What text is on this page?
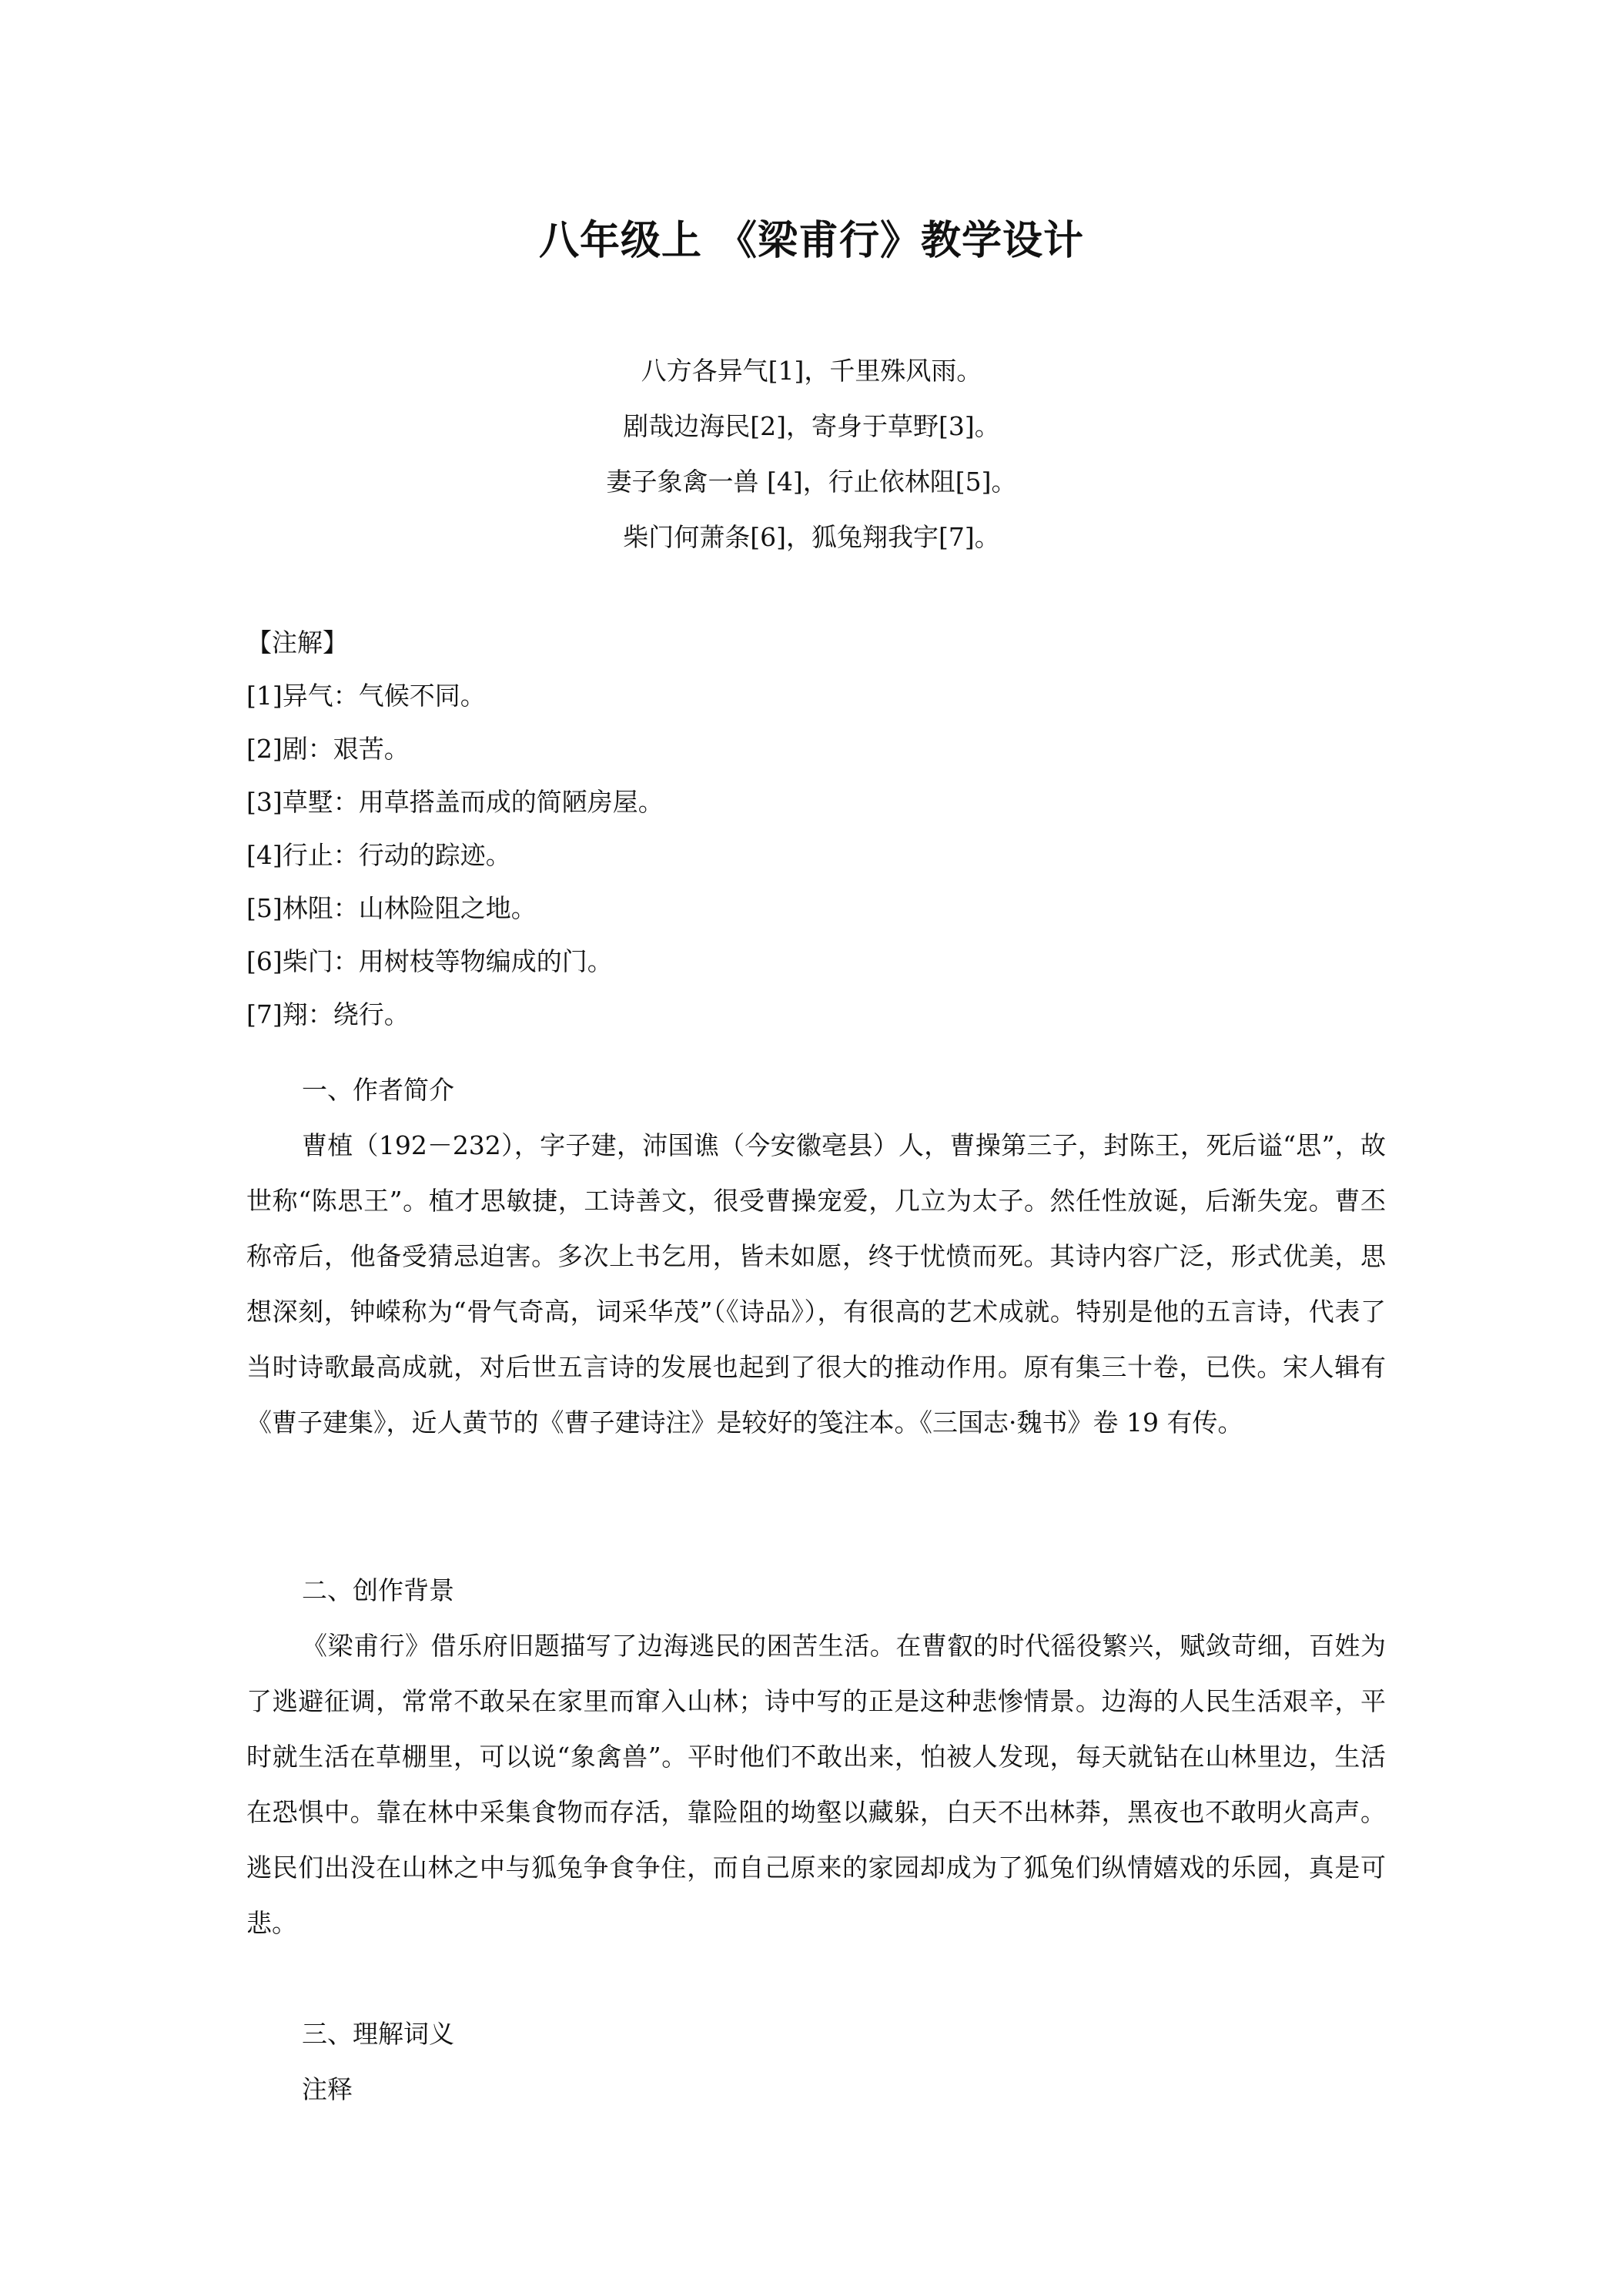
八年级上 《梁甫行》教学设计
八方各异气[1]，千里殊风雨。
剧哉边海民[2]，寄身于草野[3]。
妻子象禽一兽 [4]，行止依林阻[5]。
柴门何萧条[6]，狐兔翔我宇[7]。
【注解】
[1]异气：气候不同。
[2]剧：艰苦。
[3]草墅：用草搭盖而成的简陋房屋。
[4]行止：行动的踪迹。
[5]林阻：山林险阻之地。
[6]柴门：用树枝等物编成的门。
[7]翔：绕行。
一、作者简介

曹植（192－232），字子建，沛国谯（今安徽亳县）人，曹操第三子，封陈王，死后谥“思”，故世称“陈思王”。植才思敏捷，工诗善文，很受曹操宠爱，几立为太子。然任性放诞，后渐失宠。曹丕称帝后，他备受猜忌迫害。多次上书乞用，皆未如愿，终于忧愤而死。其诗内容广泛，形式优美，思想深刻，钟嵘称为“骨气奇高，词采华茂”（《诗品》），有很高的艺术成就。特别是他的五言诗，代表了当时诗歌最高成就，对后世五言诗的发展也起到了很大的推动作用。原有集三十卷，已佚。宋人辑有《曹子建集》，近人黄节的《曹子建诗注》是较好的笺注本。《三国志·魏书》卷 19 有传。

二、创作背景

《梁甫行》借乐府旧题描写了边海逃民的困苦生活。在曹叡的时代徭役繁兴，赋敛苛细，百姓为了逃避征调，常常不敢呆在家里而窜入山林；诗中写的正是这种悲惨情景。边海的人民生活艰辛，平时就生活在草棚里，可以说“象禽兽”。平时他们不敢出来，怕被人发现，每天就钻在山林里边，生活在恐惧中。靠在林中采集食物而存活，靠险阻的坳壑以藏躲，白天不出林莽，黑夜也不敢明火高声。逃民们出没在山林之中与狐兔争食争住，而自己原来的家园却成为了狐兔们纵情嬉戏的乐园，真是可悲。

三、理解词义
注释
